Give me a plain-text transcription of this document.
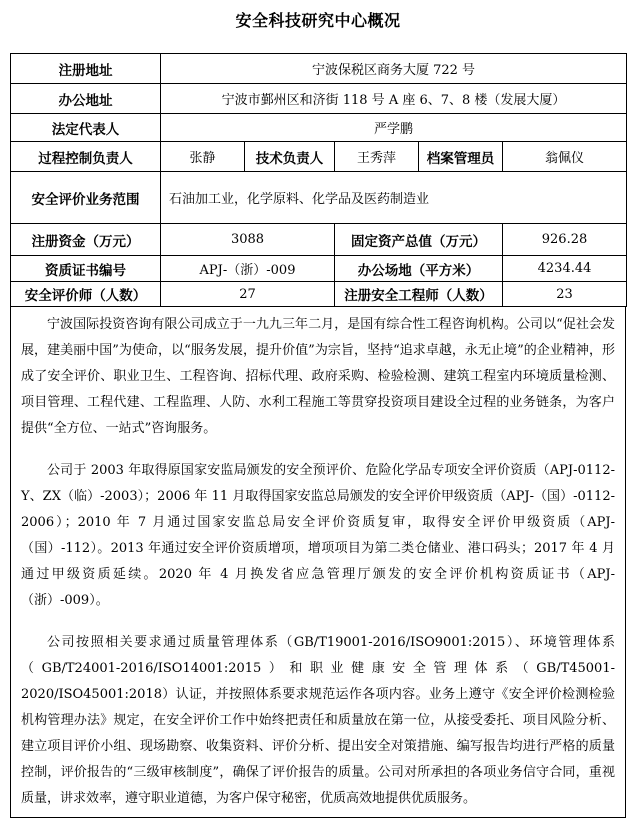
安全科技研究中心概况
注册地址	宁波保税区商务大厦 722 号				
办公地址	宁波市鄞州区和济街 118 号 A 座 6、7、8 楼（发展大厦）				
法定代表人	严学鹏				
过程控制负责人	张静	技术负责人	王秀萍	档案管理员	翁佩仪
安全评价业务范围	石油加工业，化学原料、化学品及医药制造业				
注册资金（万元）	3088		固定资产总值（万元）		926.28
资质证书编号	APJ-（浙）-009		办公场地（平方米）		4234.44
安全评价师（人数）	27		注册安全工程师（人数）		23

宁波国际投资咨询有限公司成立于一九九三年二月，是国有综合性工程咨询机构。公司以“促社会发展，建美丽中国”为使命，以“服务发展，提升价值”为宗旨，坚持“追求卓越，永无止境”的企业精神，形成了安全评价、职业卫生、工程咨询、招标代理、政府采购、检验检测、建筑工程室内环境质量检测、项目管理、工程代建、工程监理、人防、水利工程施工等贯穿投资项目建设全过程的业务链条，为客户提供“全方位、一站式”咨询服务。

公司于 2003 年取得原国家安监局颁发的安全预评价、危险化学品专项安全评价资质（APJ-0112-Y、ZX（临）-2003）；2006 年 11 月取得国家安监总局颁发的安全评价甲级资质（APJ-（国）-0112-2006）；2010 年 7 月通过国家安监总局安全评价资质复审，取得安全评价甲级资质（APJ-（国）-112）。2013 年通过安全评价资质增项，增项项目为第二类仓储业、港口码头；2017 年 4 月通过甲级资质延续。2020 年 4 月换发省应急管理厅颁发的安全评价机构资质证书（APJ-（浙）-009）。

公司按照相关要求通过质量管理体系（GB/T19001-2016/ISO9001:2015）、环境管理体系（GB/T24001-2016/ISO14001:2015）和职业健康安全管理体系（GB/T45001-2020/ISO45001:2018）认证，并按照体系要求规范运作各项内容。业务上遵守《安全评价检测检验机构管理办法》规定，在安全评价工作中始终把责任和质量放在第一位，从接受委托、项目风险分析、建立项目评价小组、现场勘察、收集资料、评价分析、提出安全对策措施、编写报告均进行严格的质量控制，评价报告的“三级审核制度”，确保了评价报告的质量。公司对所承担的各项业务信守合同，重视质量，讲求效率，遵守职业道德，为客户保守秘密，优质高效地提供优质服务。
